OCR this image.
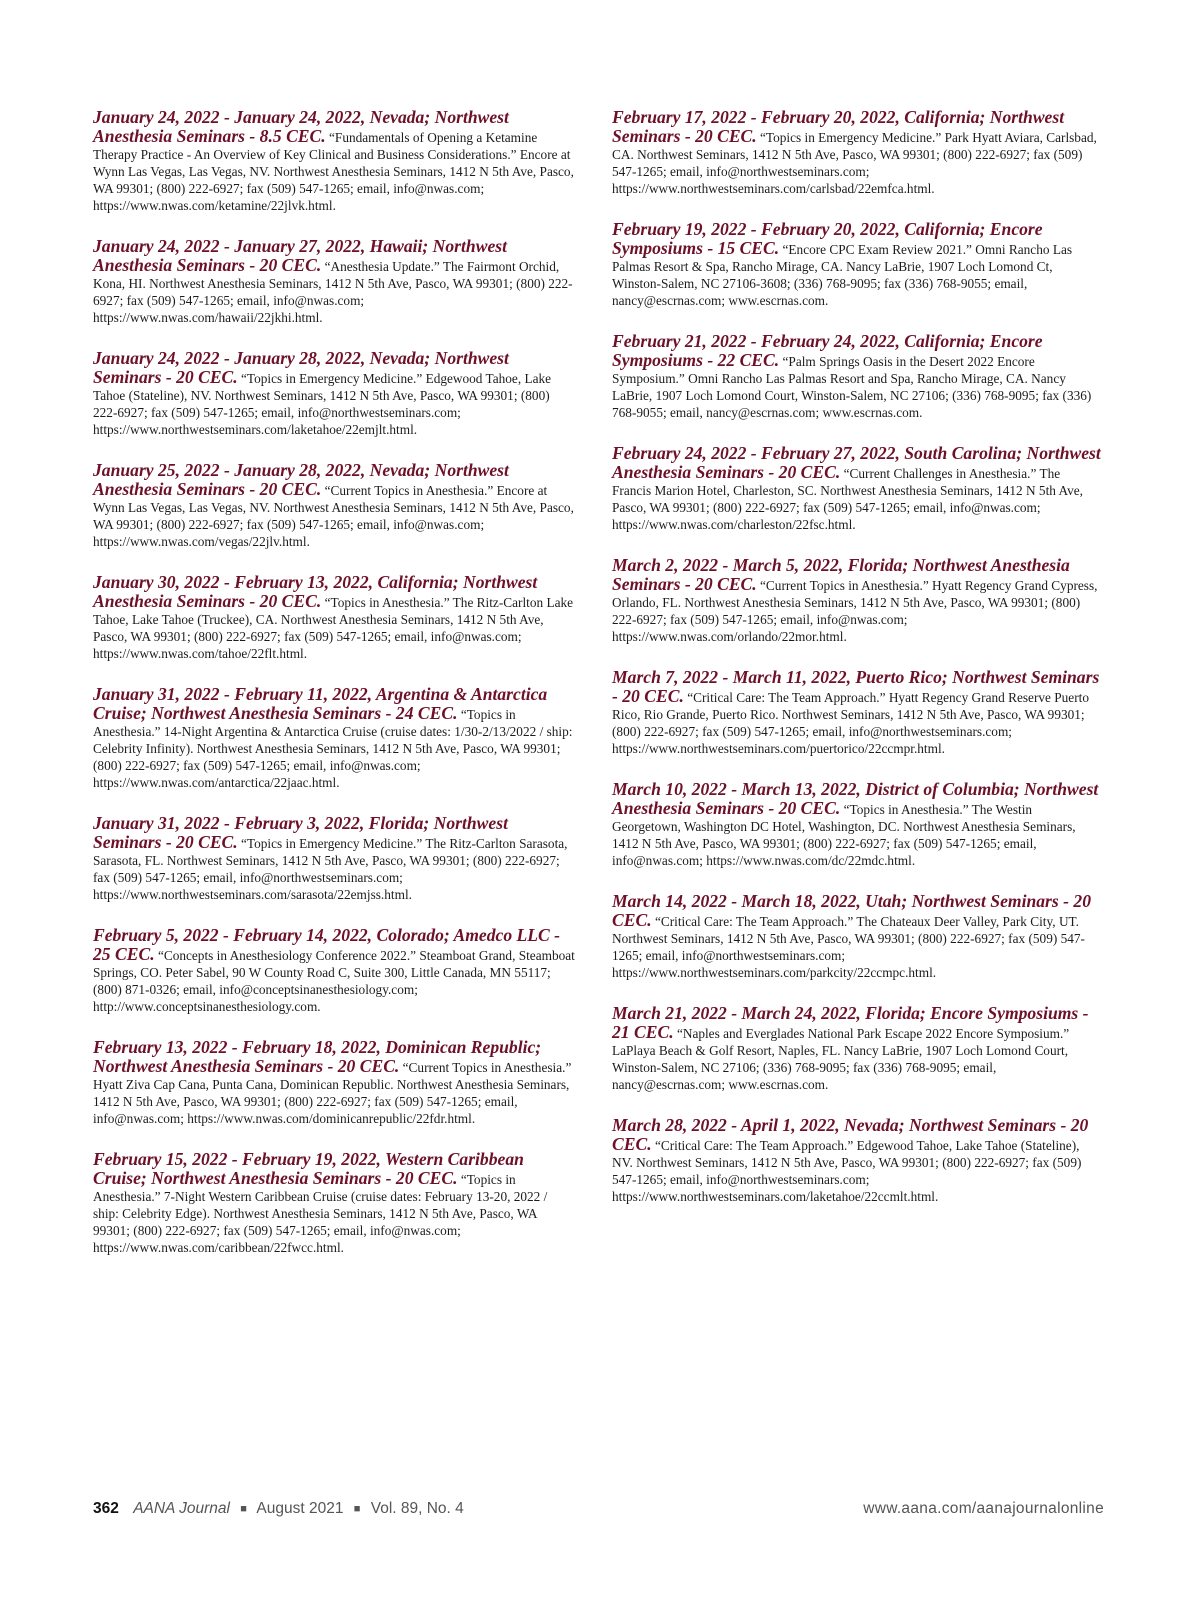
January 24, 2022 - January 24, 2022, Nevada; Northwest Anesthesia Seminars - 8.5 CEC. “Fundamentals of Opening a Ketamine Therapy Practice - An Overview of Key Clinical and Business Considerations.” Encore at Wynn Las Vegas, Las Vegas, NV. Northwest Anesthesia Seminars, 1412 N 5th Ave, Pasco, WA 99301; (800) 222-6927; fax (509) 547-1265; email, info@nwas.com; https://www.nwas.com/ketamine/22jlvk.html.
January 24, 2022 - January 27, 2022, Hawaii; Northwest Anesthesia Seminars - 20 CEC. “Anesthesia Update.” The Fairmont Orchid, Kona, HI. Northwest Anesthesia Seminars, 1412 N 5th Ave, Pasco, WA 99301; (800) 222-6927; fax (509) 547-1265; email, info@nwas.com; https://www.nwas.com/hawaii/22jkhi.html.
January 24, 2022 - January 28, 2022, Nevada; Northwest Seminars - 20 CEC. “Topics in Emergency Medicine.” Edgewood Tahoe, Lake Tahoe (Stateline), NV. Northwest Seminars, 1412 N 5th Ave, Pasco, WA 99301; (800) 222-6927; fax (509) 547-1265; email, info@northwestseminars.com; https://www.northwestseminars.com/laketahoe/22emjlt.html.
January 25, 2022 - January 28, 2022, Nevada; Northwest Anesthesia Seminars - 20 CEC. “Current Topics in Anesthesia.” Encore at Wynn Las Vegas, Las Vegas, NV. Northwest Anesthesia Seminars, 1412 N 5th Ave, Pasco, WA 99301; (800) 222-6927; fax (509) 547-1265; email, info@nwas.com; https://www.nwas.com/vegas/22jlv.html.
January 30, 2022 - February 13, 2022, California; Northwest Anesthesia Seminars - 20 CEC. “Topics in Anesthesia.” The Ritz-Carlton Lake Tahoe, Lake Tahoe (Truckee), CA. Northwest Anesthesia Seminars, 1412 N 5th Ave, Pasco, WA 99301; (800) 222-6927; fax (509) 547-1265; email, info@nwas.com; https://www.nwas.com/tahoe/22flt.html.
January 31, 2022 - February 11, 2022, Argentina & Antarctica Cruise; Northwest Anesthesia Seminars - 24 CEC. “Topics in Anesthesia.” 14-Night Argentina & Antarctica Cruise (cruise dates: 1/30-2/13/2022 / ship: Celebrity Infinity). Northwest Anesthesia Seminars, 1412 N 5th Ave, Pasco, WA 99301; (800) 222-6927; fax (509) 547-1265; email, info@nwas.com; https://www.nwas.com/antarctica/22jaac.html.
January 31, 2022 - February 3, 2022, Florida; Northwest Seminars - 20 CEC. “Topics in Emergency Medicine.” The Ritz-Carlton Sarasota, Sarasota, FL. Northwest Seminars, 1412 N 5th Ave, Pasco, WA 99301; (800) 222-6927; fax (509) 547-1265; email, info@northwestseminars.com; https://www.northwestseminars.com/sarasota/22emjss.html.
February 5, 2022 - February 14, 2022, Colorado; Amedco LLC - 25 CEC. “Concepts in Anesthesiology Conference 2022.” Steamboat Grand, Steamboat Springs, CO. Peter Sabel, 90 W County Road C, Suite 300, Little Canada, MN 55117; (800) 871-0326; email, info@conceptsinanesthesiology.com; http://www.conceptsinanesthesiology.com.
February 13, 2022 - February 18, 2022, Dominican Republic; Northwest Anesthesia Seminars - 20 CEC. “Current Topics in Anesthesia.” Hyatt Ziva Cap Cana, Punta Cana, Dominican Republic. Northwest Anesthesia Seminars, 1412 N 5th Ave, Pasco, WA 99301; (800) 222-6927; fax (509) 547-1265; email, info@nwas.com; https://www.nwas.com/dominicanrepublic/22fdr.html.
February 15, 2022 - February 19, 2022, Western Caribbean Cruise; Northwest Anesthesia Seminars - 20 CEC. “Topics in Anesthesia.” 7-Night Western Caribbean Cruise (cruise dates: February 13-20, 2022 / ship: Celebrity Edge). Northwest Anesthesia Seminars, 1412 N 5th Ave, Pasco, WA 99301; (800) 222-6927; fax (509) 547-1265; email, info@nwas.com; https://www.nwas.com/caribbean/22fwcc.html.
February 17, 2022 - February 20, 2022, California; Northwest Seminars - 20 CEC. “Topics in Emergency Medicine.” Park Hyatt Aviara, Carlsbad, CA. Northwest Seminars, 1412 N 5th Ave, Pasco, WA 99301; (800) 222-6927; fax (509) 547-1265; email, info@northwestseminars.com; https://www.northwestseminars.com/carlsbad/22emfca.html.
February 19, 2022 - February 20, 2022, California; Encore Symposiums - 15 CEC. “Encore CPC Exam Review 2021.” Omni Rancho Las Palmas Resort & Spa, Rancho Mirage, CA. Nancy LaBrie, 1907 Loch Lomond Ct, Winston-Salem, NC 27106-3608; (336) 768-9095; fax (336) 768-9055; email, nancy@escrnas.com; www.escrnas.com.
February 21, 2022 - February 24, 2022, California; Encore Symposiums - 22 CEC. “Palm Springs Oasis in the Desert 2022 Encore Symposium.” Omni Rancho Las Palmas Resort and Spa, Rancho Mirage, CA. Nancy LaBrie, 1907 Loch Lomond Court, Winston-Salem, NC 27106; (336) 768-9095; fax (336) 768-9055; email, nancy@escrnas.com; www.escrnas.com.
February 24, 2022 - February 27, 2022, South Carolina; Northwest Anesthesia Seminars - 20 CEC. “Current Challenges in Anesthesia.” The Francis Marion Hotel, Charleston, SC. Northwest Anesthesia Seminars, 1412 N 5th Ave, Pasco, WA 99301; (800) 222-6927; fax (509) 547-1265; email, info@nwas.com; https://www.nwas.com/charleston/22fsc.html.
March 2, 2022 - March 5, 2022, Florida; Northwest Anesthesia Seminars - 20 CEC. “Current Topics in Anesthesia.” Hyatt Regency Grand Cypress, Orlando, FL. Northwest Anesthesia Seminars, 1412 N 5th Ave, Pasco, WA 99301; (800) 222-6927; fax (509) 547-1265; email, info@nwas.com; https://www.nwas.com/orlando/22mor.html.
March 7, 2022 - March 11, 2022, Puerto Rico; Northwest Seminars - 20 CEC. “Critical Care: The Team Approach.” Hyatt Regency Grand Reserve Puerto Rico, Rio Grande, Puerto Rico. Northwest Seminars, 1412 N 5th Ave, Pasco, WA 99301; (800) 222-6927; fax (509) 547-1265; email, info@northwestseminars.com; https://www.northwestseminars.com/puertorico/22ccmpr.html.
March 10, 2022 - March 13, 2022, District of Columbia; Northwest Anesthesia Seminars - 20 CEC. “Topics in Anesthesia.” The Westin Georgetown, Washington DC Hotel, Washington, DC. Northwest Anesthesia Seminars, 1412 N 5th Ave, Pasco, WA 99301; (800) 222-6927; fax (509) 547-1265; email, info@nwas.com; https://www.nwas.com/dc/22mdc.html.
March 14, 2022 - March 18, 2022, Utah; Northwest Seminars - 20 CEC. “Critical Care: The Team Approach.” The Chateaux Deer Valley, Park City, UT. Northwest Seminars, 1412 N 5th Ave, Pasco, WA 99301; (800) 222-6927; fax (509) 547-1265; email, info@northwestseminars.com; https://www.northwestseminars.com/parkcity/22ccmpc.html.
March 21, 2022 - March 24, 2022, Florida; Encore Symposiums - 21 CEC. “Naples and Everglades National Park Escape 2022 Encore Symposium.” LaPlaya Beach & Golf Resort, Naples, FL. Nancy LaBrie, 1907 Loch Lomond Court, Winston-Salem, NC 27106; (336) 768-9095; fax (336) 768-9095; email, nancy@escrnas.com; www.escrnas.com.
March 28, 2022 - April 1, 2022, Nevada; Northwest Seminars - 20 CEC. “Critical Care: The Team Approach.” Edgewood Tahoe, Lake Tahoe (Stateline), NV. Northwest Seminars, 1412 N 5th Ave, Pasco, WA 99301; (800) 222-6927; fax (509) 547-1265; email, info@northwestseminars.com; https://www.northwestseminars.com/laketahoe/22ccmlt.html.
362 AANA Journal ■ August 2021 ■ Vol. 89, No. 4	www.aana.com/aanajournalonline
